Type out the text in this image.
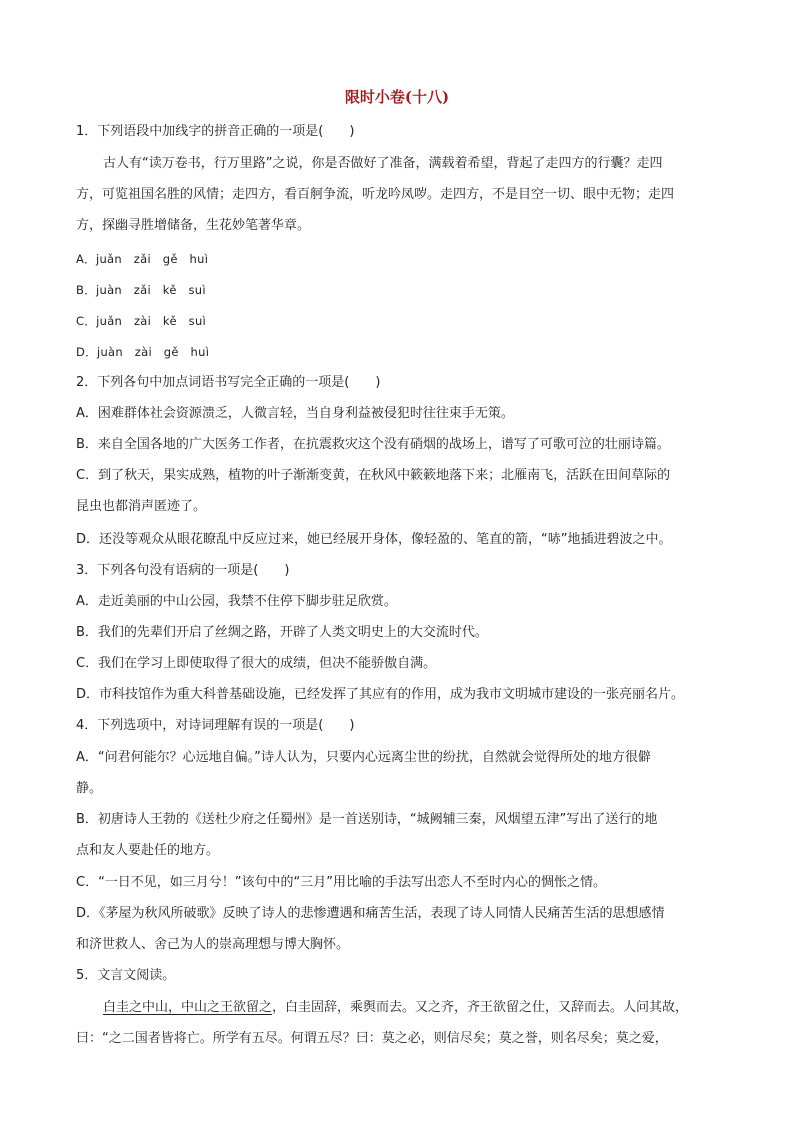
限时小卷(十八)
1．下列语段中加线字的拼音正确的一项是(　　)
古人有“读万卷书，行万里路”之说，你是否做好了准备，满载着希望，背起了走四方的行囊？走四
方，可览祖国名胜的风情；走四方，看百舸争流，听龙吟凤哕。走四方，不是目空一切、眼中无物；走四
方，探幽寻胜增储备，生花妙笔著华章。
A．juǎn　zǎi　gě　huì
B．juàn　zǎi　kě　suì
C．juǎn　zài　kě　suì
D．juàn　zài　gě　huì
2．下列各句中加点词语书写完全正确的一项是(　　)
A．困难群体社会资源溃乏，人微言轻，当自身利益被侵犯时往往束手无策。
B．来自全国各地的广大医务工作者，在抗震救灾这个没有硝烟的战场上，谱写了可歌可泣的壮丽诗篇。
C．到了秋天，果实成熟，植物的叶子渐渐变黄，在秋风中簌簌地落下来；北雁南飞，活跃在田间草际的
昆虫也都消声匿迹了。
D．还没等观众从眼花瞭乱中反应过来，她已经展开身体，像轻盈的、笔直的箭，“哧”地插进碧波之中。
3．下列各句没有语病的一项是(　　)
A．走近美丽的中山公园，我禁不住停下脚步驻足欣赏。
B．我们的先辈们开启了丝绸之路，开辟了人类文明史上的大交流时代。
C．我们在学习上即使取得了很大的成绩，但决不能骄傲自满。
D．市科技馆作为重大科普基础设施，已经发挥了其应有的作用，成为我市文明城市建设的一张亮丽名片。
4．下列选项中，对诗词理解有误的一项是(　　)
A．“问君何能尔？心远地自偏。”诗人认为，只要内心远离尘世的纷扰，自然就会觉得所处的地方很僻
静。
B．初唐诗人王勃的《送杜少府之任蜀州》是一首送别诗，“城阙辅三秦，风烟望五津”写出了送行的地
点和友人要赴任的地方。
C．“一日不见，如三月兮！”该句中的“三月”用比喻的手法写出恋人不至时内心的惆怅之情。
D．《茅屋为秋风所破歌》反映了诗人的悲惨遭遇和痛苦生活，表现了诗人同情人民痛苦生活的思想感情
和济世救人、舍己为人的崇高理想与博大胸怀。
5．文言文阅读。
白圭之中山，中山之王欲留之，白圭固辞，乘舆而去。又之齐，齐王欲留之仕，又辞而去。人问其故，
曰：“之二国者皆将亡。所学有五尽。何谓五尽？曰：莫之必，则信尽矣；莫之誉，则名尽矣；莫之爱，
